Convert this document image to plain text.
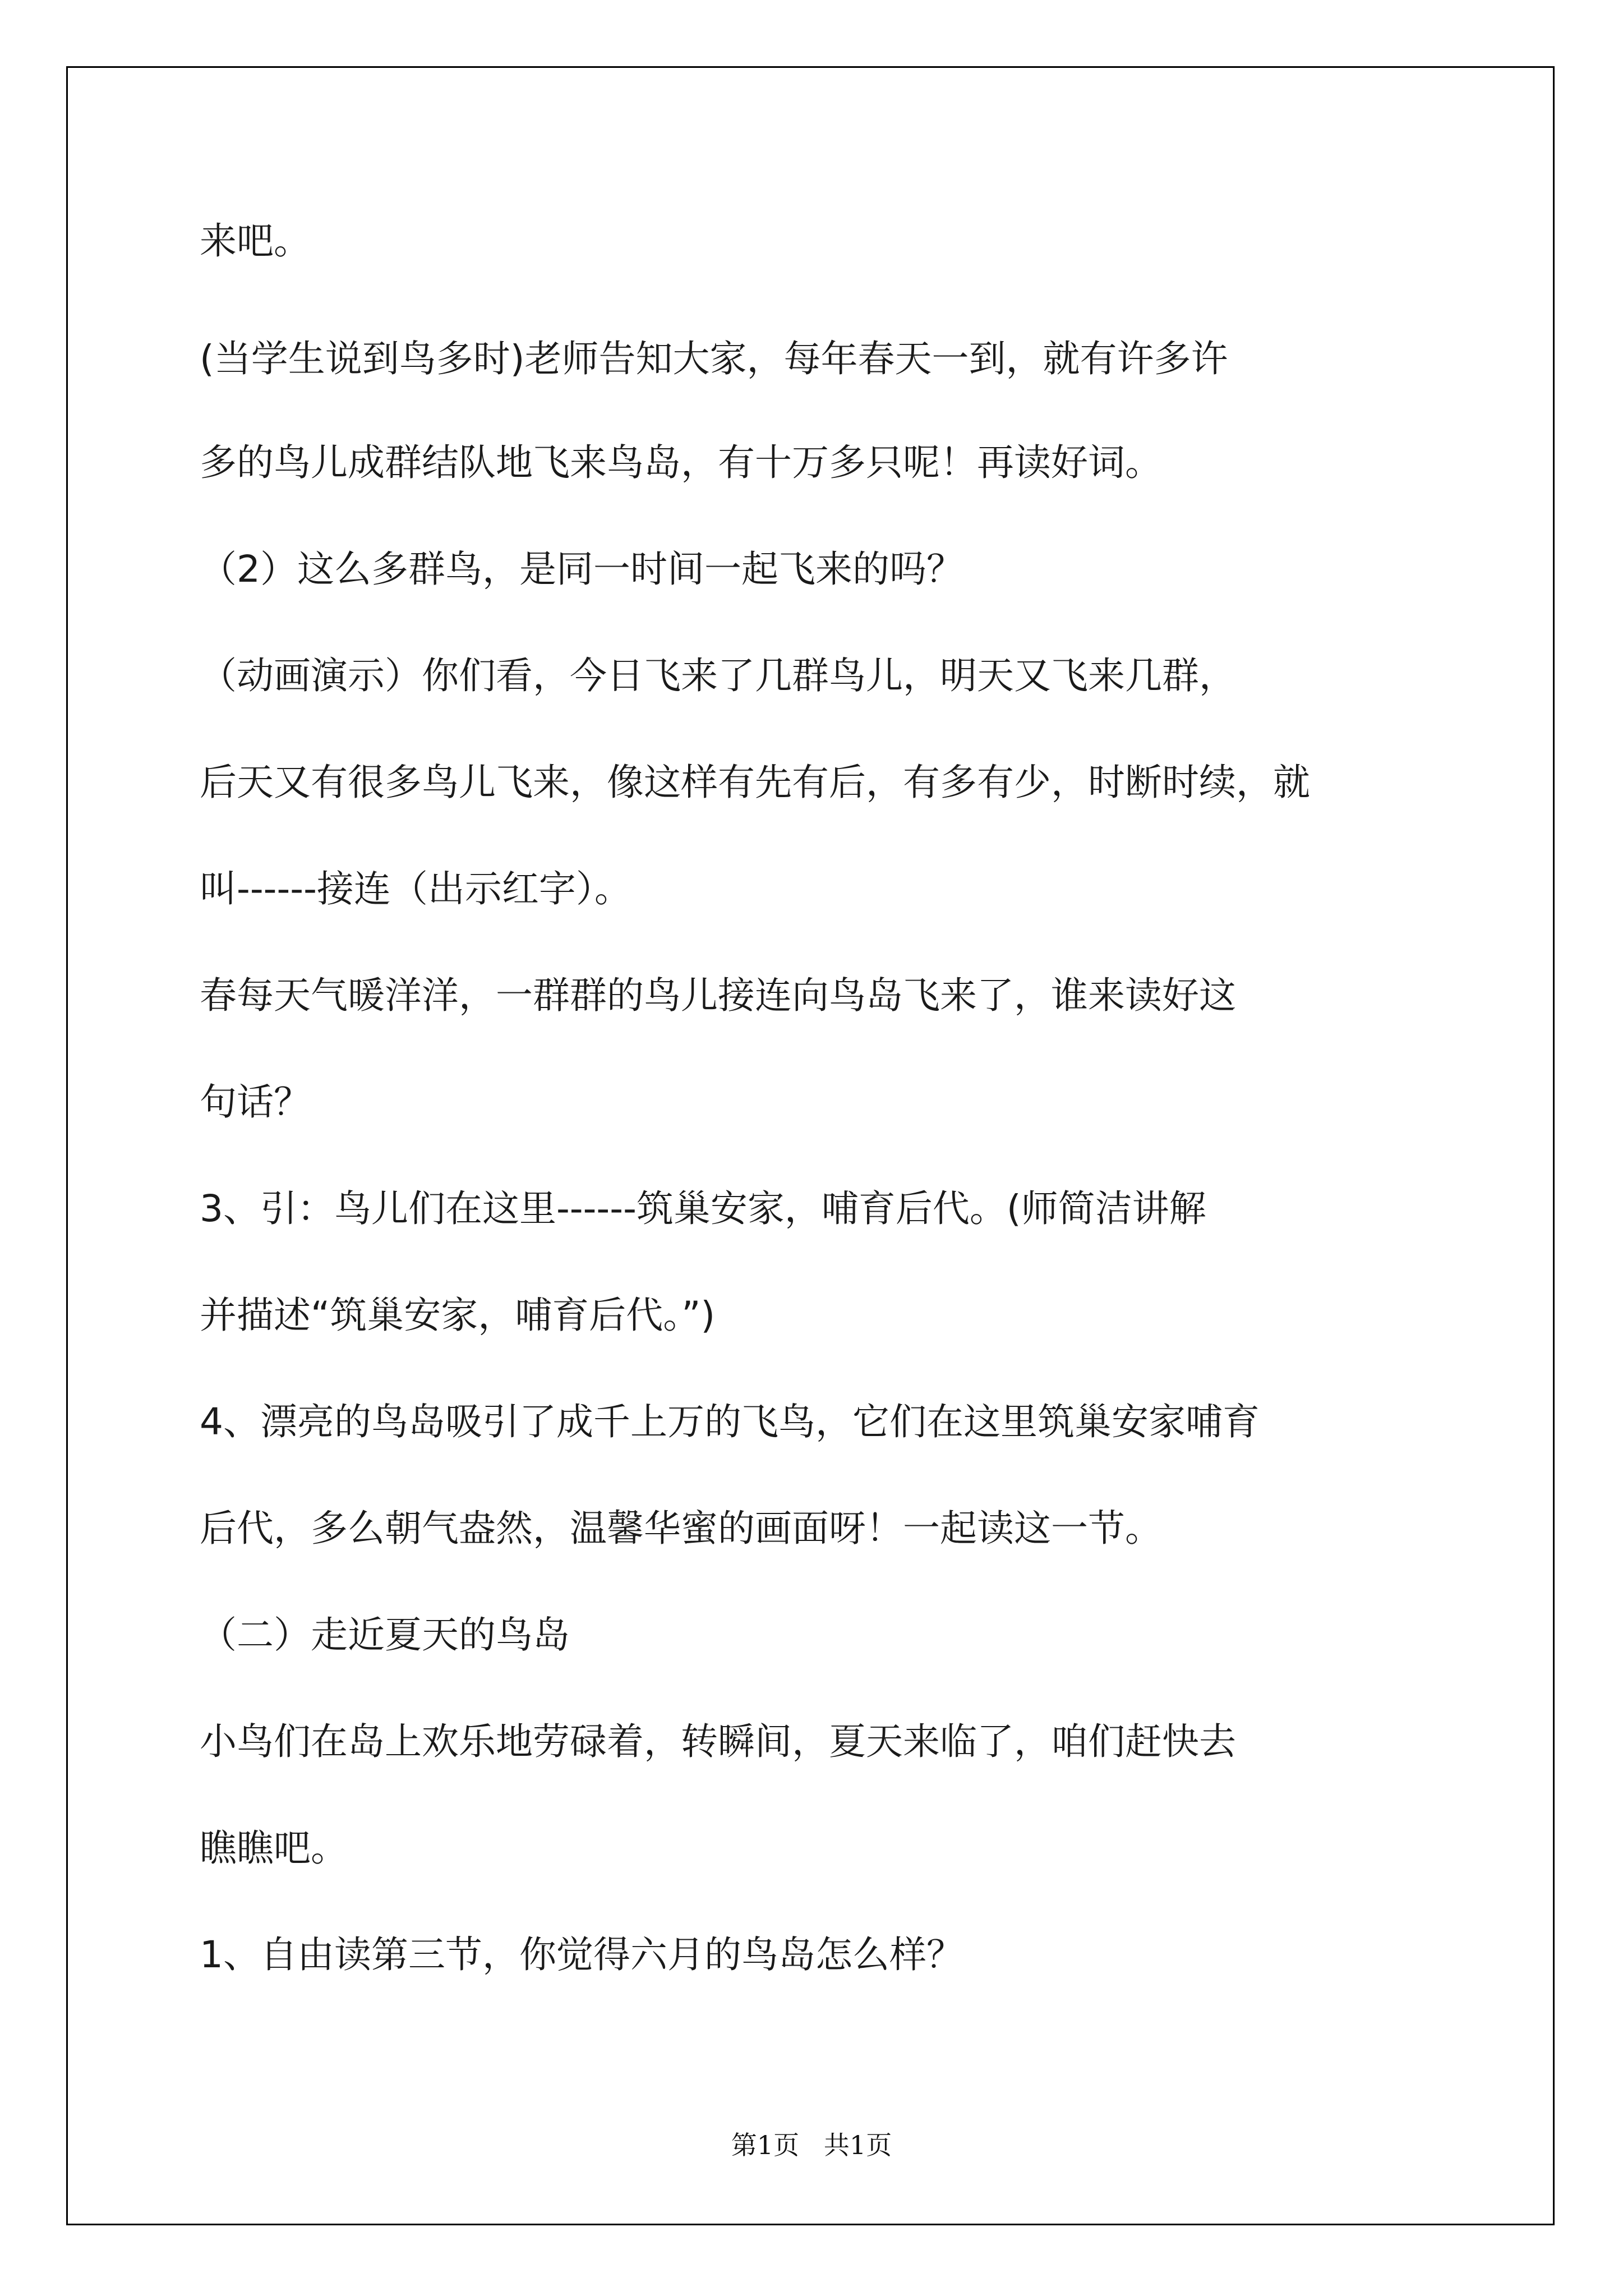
来吧。

(当学生说到鸟多时)老师告知大家，每年春天一到，就有许多许

多的鸟儿成群结队地飞来鸟岛，有十万多只呢！再读好词。

（2）这么多群鸟，是同一时间一起飞来的吗？

（动画演示）你们看，今日飞来了几群鸟儿，明天又飞来几群，

后天又有很多鸟儿飞来，像这样有先有后，有多有少，时断时续，就

叫------接连（出示红字）。

春每天气暖洋洋，一群群的鸟儿接连向鸟岛飞来了，谁来读好这

句话？

3、引：鸟儿们在这里------筑巢安家，哺育后代。(师简洁讲解

并描述“筑巢安家，哺育后代。”)

4、漂亮的鸟岛吸引了成千上万的飞鸟，它们在这里筑巢安家哺育

后代，多么朝气盎然，温馨华蜜的画面呀！一起读这一节。

（二）走近夏天的鸟岛

小鸟们在岛上欢乐地劳碌着，转瞬间，夏天来临了，咱们赶快去

瞧瞧吧。

1、自由读第三节，你觉得六月的鸟岛怎么样？

第1页   共1页
